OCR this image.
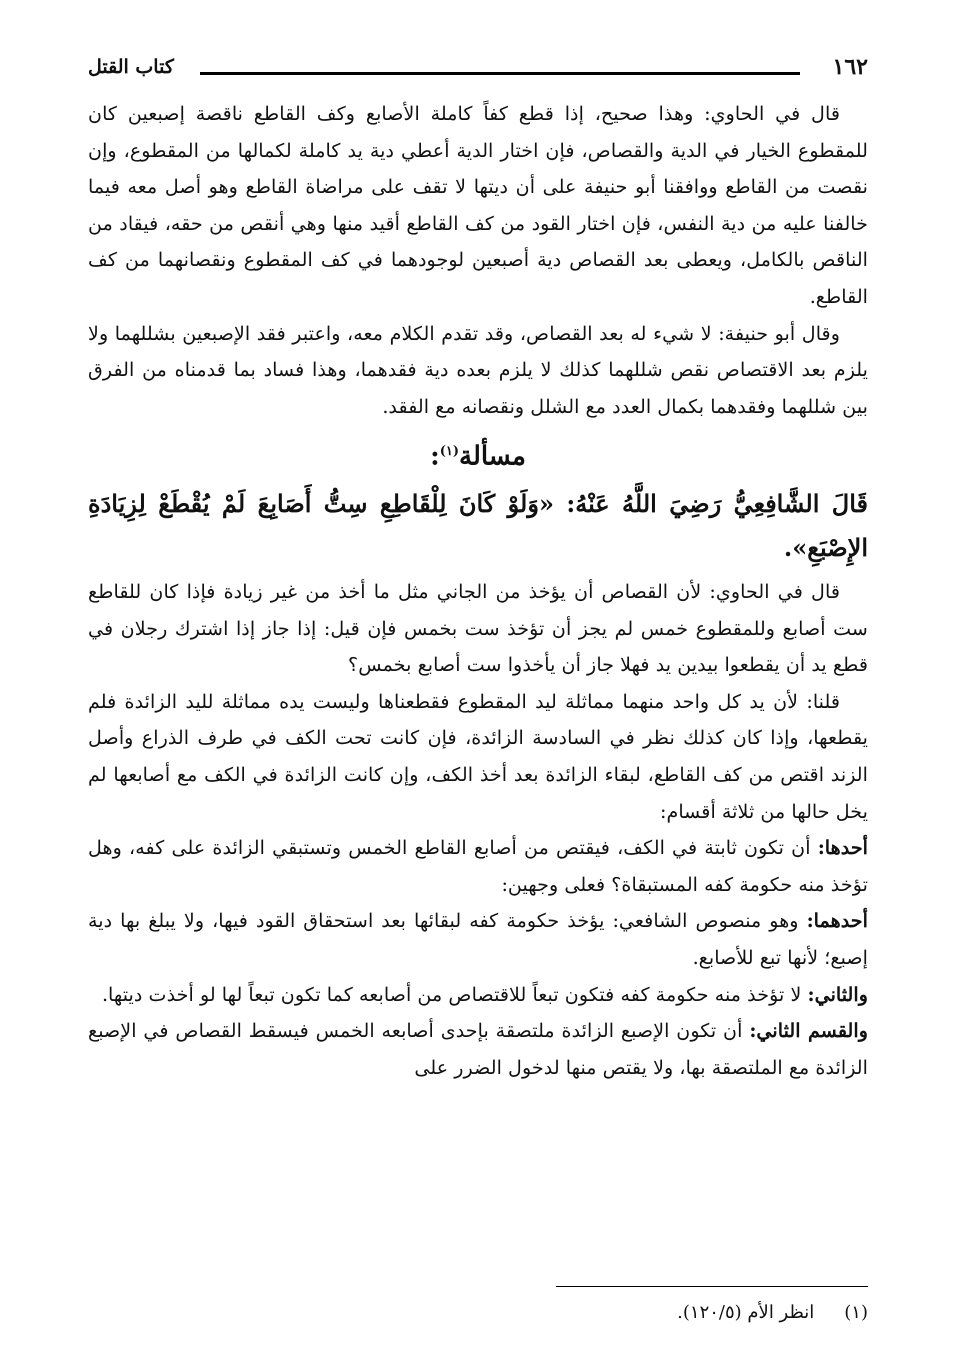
١٦٢
كتاب القتل

قال في الحاوي: وهذا صحيح، إذا قطع كفاً كاملة الأصابع وكف القاطع ناقصة إصبعين كان للمقطوع الخيار في الدية والقصاص، فإن اختار الدية أعطي دية يد كاملة لكمالها من المقطوع، وإن نقصت من القاطع ووافقنا أبو حنيفة على أن ديتها لا تقف على مراضاة القاطع وهو أصل معه فيما خالفنا عليه من دية النفس، فإن اختار القود من كف القاطع أقيد منها وهي أنقص من حقه، فيقاد من الناقص بالكامل، ويعطى بعد القصاص دية أصبعين لوجودهما في كف المقطوع ونقصانهما من كف القاطع.

وقال أبو حنيفة: لا شيء له بعد القصاص، وقد تقدم الكلام معه، واعتبر فقد الإصبعين بشللهما ولا يلزم بعد الاقتصاص نقص شللهما كذلك لا يلزم بعده دية فقدهما، وهذا فساد بما قدمناه من الفرق بين شللهما وفقدهما بكمال العدد مع الشلل ونقصانه مع الفقد.

مسألة$^{(١)}$:
قَالَ الشَّافِعِيُّ رَضِيَ اللَّهُ عَنْهُ: «وَلَوْ كَانَ لِلْقَاطِعِ سِتُّ أَصَابِعَ لَمْ يُقْطَعْ لِزِيَادَةِ الإِصْبَعِ».

قال في الحاوي: لأن القصاص أن يؤخذ من الجاني مثل ما أخذ من غير زيادة فإذا كان للقاطع ست أصابع وللمقطوع خمس لم يجز أن تؤخذ ست بخمس فإن قيل: إذا جاز إذا اشترك رجلان في قطع يد أن يقطعوا بيدين يد فهلا جاز أن يأخذوا ست أصابع بخمس؟

قلنا: لأن يد كل واحد منهما مماثلة ليد المقطوع فقطعناها وليست يده مماثلة لليد الزائدة فلم يقطعها، وإذا كان كذلك نظر في السادسة الزائدة، فإن كانت تحت الكف في طرف الذراع وأصل الزند اقتص من كف القاطع، لبقاء الزائدة بعد أخذ الكف، وإن كانت الزائدة في الكف مع أصابعها لم يخل حالها من ثلاثة أقسام:

أحدها: أن تكون ثابتة في الكف، فيقتص من أصابع القاطع الخمس وتستبقي الزائدة على كفه، وهل تؤخذ منه حكومة كفه المستبقاة؟ فعلى وجهين:

أحدهما: وهو منصوص الشافعي: يؤخذ حكومة كفه لبقائها بعد استحقاق القود فيها، ولا يبلغ بها دية إصبع؛ لأنها تبع للأصابع.

والثاني: لا تؤخذ منه حكومة كفه فتكون تبعاً للاقتصاص من أصابعه كما تكون تبعاً لها لو أخذت ديتها.

والقسم الثاني: أن تكون الإصبع الزائدة ملتصقة بإحدى أصابعه الخمس فيسقط القصاص في الإصبع الزائدة مع الملتصقة بها، ولا يقتص منها لدخول الضرر على

(١)انظر الأم (١٢٠/٥).
